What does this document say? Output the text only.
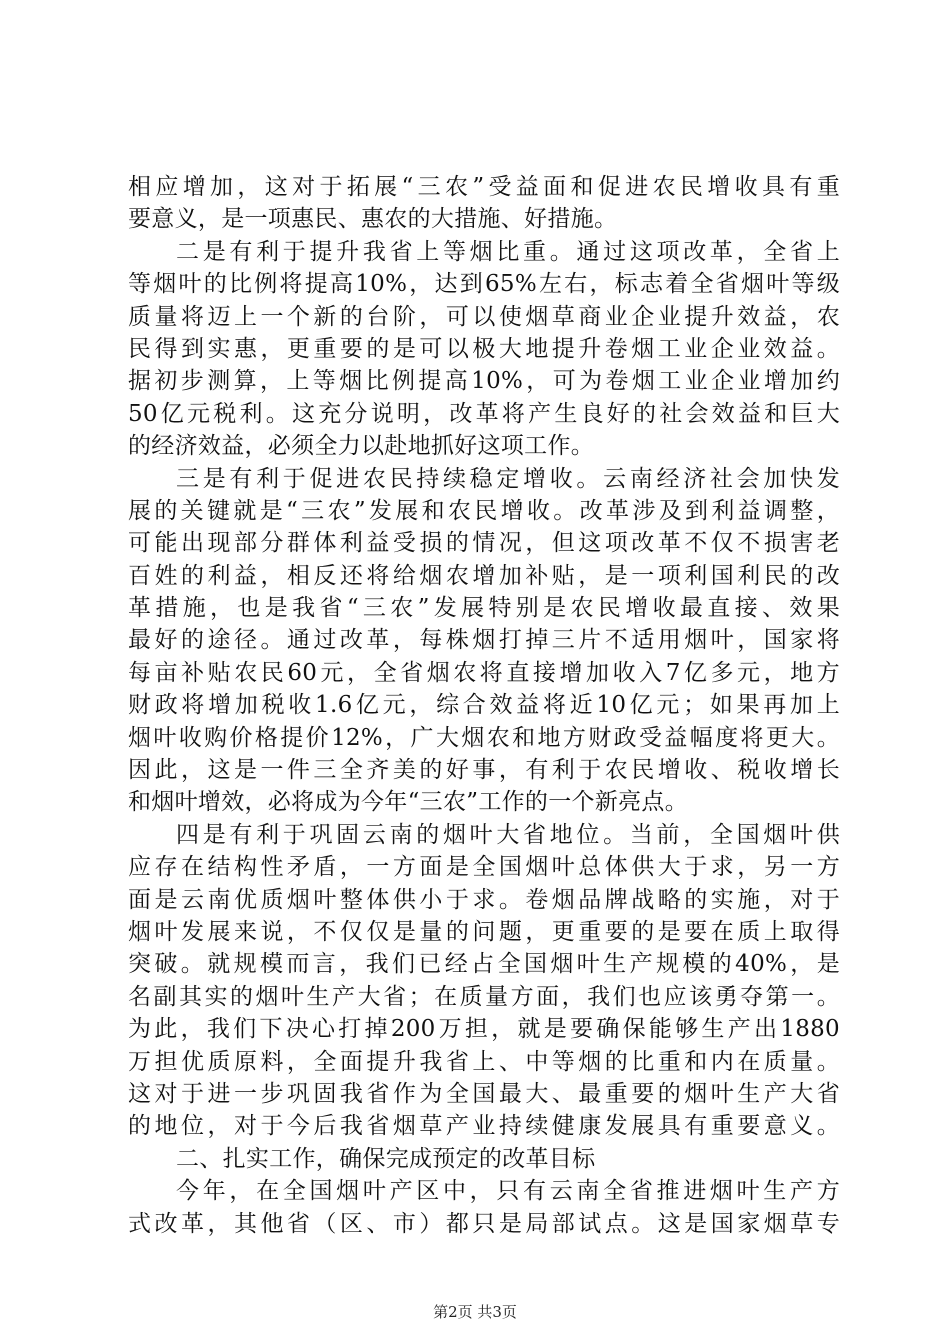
相应增加，这对于拓展“三农”受益面和促进农民增收具有重
要意义，是一项惠民、惠农的大措施、好措施。
二是有利于提升我省上等烟比重。通过这项改革，全省上
等烟叶的比例将提高10%，达到65%左右，标志着全省烟叶等级
质量将迈上一个新的台阶，可以使烟草商业企业提升效益，农
民得到实惠，更重要的是可以极大地提升卷烟工业企业效益。
据初步测算，上等烟比例提高10%，可为卷烟工业企业增加约
50亿元税利。这充分说明，改革将产生良好的社会效益和巨大
的经济效益，必须全力以赴地抓好这项工作。
三是有利于促进农民持续稳定增收。云南经济社会加快发
展的关键就是“三农”发展和农民增收。改革涉及到利益调整，
可能出现部分群体利益受损的情况，但这项改革不仅不损害老
百姓的利益，相反还将给烟农增加补贴，是一项利国利民的改
革措施，也是我省“三农”发展特别是农民增收最直接、效果
最好的途径。通过改革，每株烟打掉三片不适用烟叶，国家将
每亩补贴农民60元，全省烟农将直接增加收入7亿多元，地方
财政将增加税收1.6亿元，综合效益将近10亿元；如果再加上
烟叶收购价格提价12%，广大烟农和地方财政受益幅度将更大。
因此，这是一件三全齐美的好事，有利于农民增收、税收增长
和烟叶增效，必将成为今年“三农”工作的一个新亮点。
四是有利于巩固云南的烟叶大省地位。当前，全国烟叶供
应存在结构性矛盾，一方面是全国烟叶总体供大于求，另一方
面是云南优质烟叶整体供小于求。卷烟品牌战略的实施，对于
烟叶发展来说，不仅仅是量的问题，更重要的是要在质上取得
突破。就规模而言，我们已经占全国烟叶生产规模的40%，是
名副其实的烟叶生产大省；在质量方面，我们也应该勇夺第一。
为此，我们下决心打掉200万担，就是要确保能够生产出1880
万担优质原料，全面提升我省上、中等烟的比重和内在质量。
这对于进一步巩固我省作为全国最大、最重要的烟叶生产大省
的地位，对于今后我省烟草产业持续健康发展具有重要意义。
二、扎实工作，确保完成预定的改革目标
今年，在全国烟叶产区中，只有云南全省推进烟叶生产方
式改革，其他省（区、市）都只是局部试点。这是国家烟草专
第2页 共3页
